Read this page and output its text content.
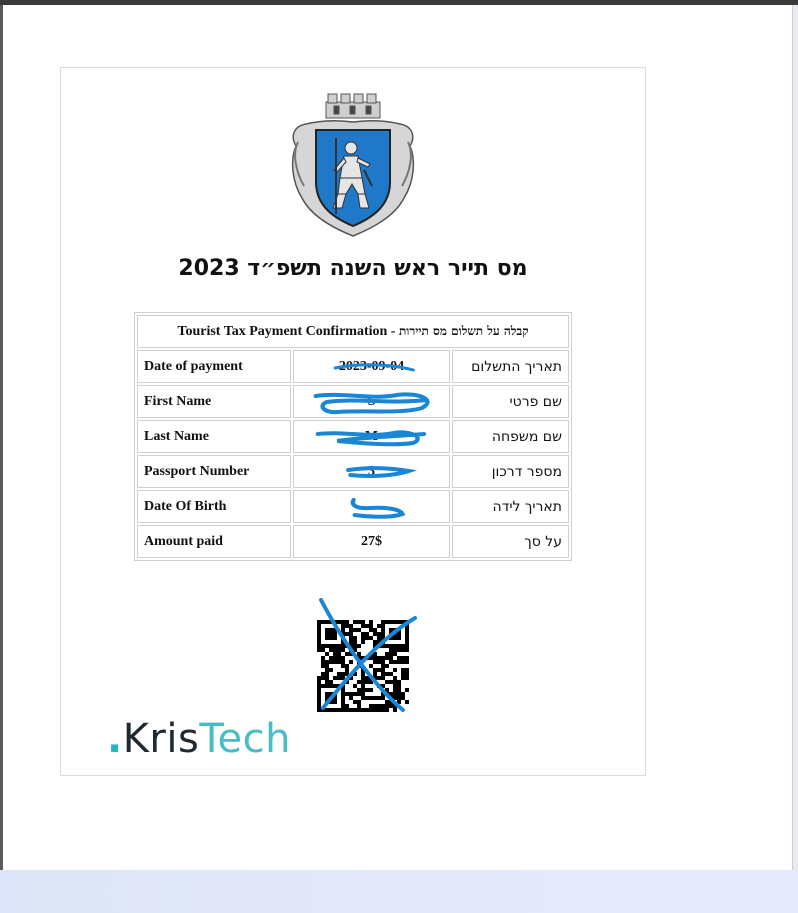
מס תייר ראש השנה תשפ״ד 2023
Tourist Tax Payment Confirmation - קבלה על תשלום מס תיירות		
Date of payment	2023-09-04	תאריך התשלום
First Name	S	שם פרטי
Last Name	M	שם משפחה
Passport Number	3	מספר דרכון
Date Of Birth		תאריך לידה
Amount paid	27$	על סך
.KrisTech
